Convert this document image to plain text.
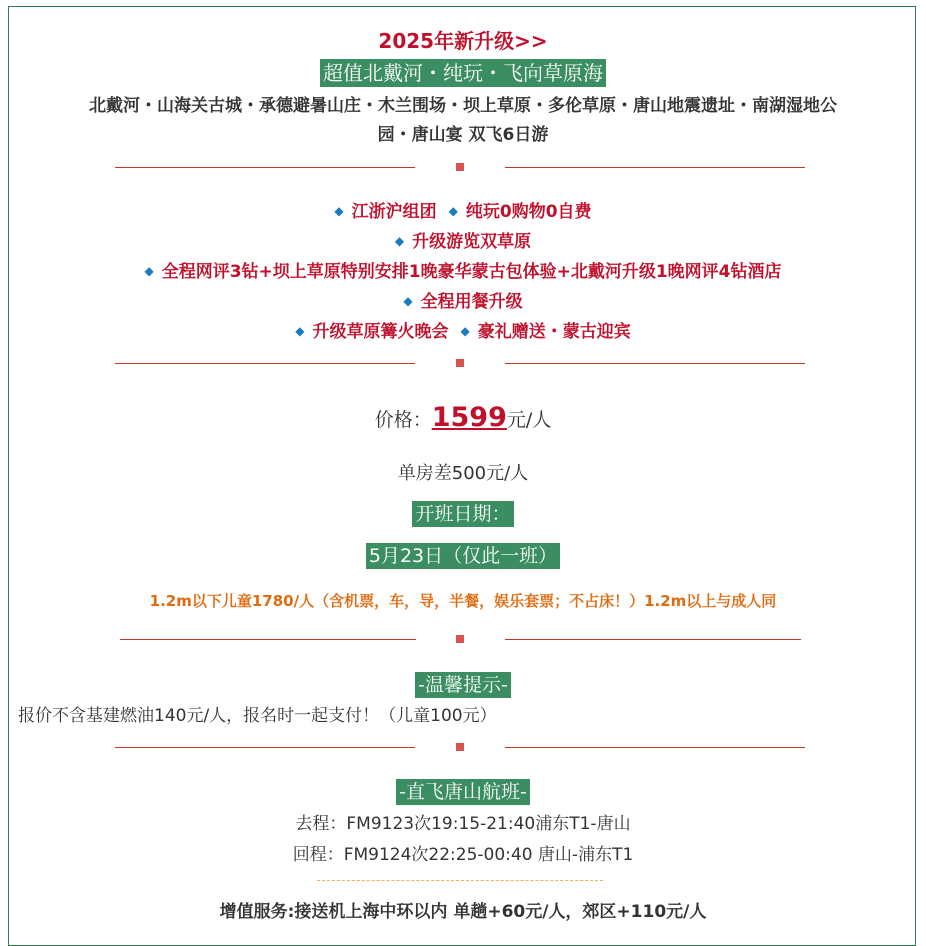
2025年新升级>>
超值北戴河・纯玩・飞向草原海
北戴河・山海关古城・承德避暑山庄・木兰围场・坝上草原・多伦草原・唐山地震遗址・南湖湿地公
园・唐山宴 双飞6日游
◆ 江浙沪组团 ◆ 纯玩0购物0自费
◆ 升级游览双草原
◆ 全程网评3钻+坝上草原特别安排1晚豪华蒙古包体验+北戴河升级1晚网评4钻酒店
◆ 全程用餐升级
◆ 升级草原篝火晚会 ◆ 豪礼赠送・蒙古迎宾
价格：1599元/人
单房差500元/人
开班日期：
5月23日（仅此一班）
1.2m以下儿童1780/人（含机票，车，导，半餐，娱乐套票；不占床！）1.2m以上与成人同
-温馨提示-
报价不含基建燃油140元/人，报名时一起支付！（儿童100元）
-直飞唐山航班-
去程：FM9123次19:15-21:40浦东T1-唐山
回程：FM9124次22:25-00:40 唐山-浦东T1
增值服务:接送机上海中环以内 单趟+60元/人，郊区+110元/人
